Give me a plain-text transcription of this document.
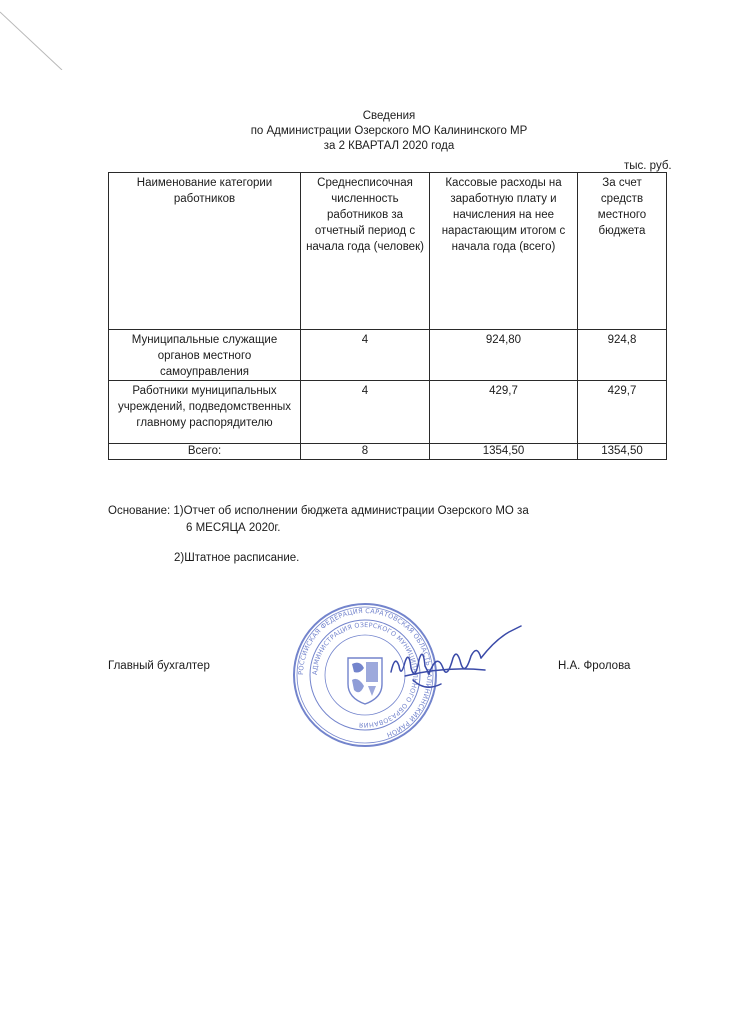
Сведения
по Администрации Озерского МО Калининского МР
за 2 КВАРТАЛ 2020 года
тыс. руб.
Наименование категории работников	Среднесписочная численность работников за отчетный период с начала года (человек)	Кассовые расходы на заработную плату и начисления на нее нарастающим итогом с начала года (всего)	За счет средств местного бюджета
Муниципальные служащие органов местного самоуправления	4	924,80	924,8
Работники муниципальных учреждений, подведомственных главному распорядителю	4	429,7	429,7
Всего:	8	1354,50	1354,50
Основание: 1)Отчет об исполнении бюджета администрации Озерского МО за
6 МЕСЯЦА 2020г.
2)Штатное расписание.
РОССИЙСКАЯ ФЕДЕРАЦИЯ САРАТОВСКАЯ ОБЛАСТЬ КАЛИНИНСКИЙ РАЙОН
АДМИНИСТРАЦИЯ ОЗЕРСКОГО МУНИЦИПАЛЬНОГО ОБРАЗОВАНИЯ
Главный бухгалтер	Н.А. Фролова
